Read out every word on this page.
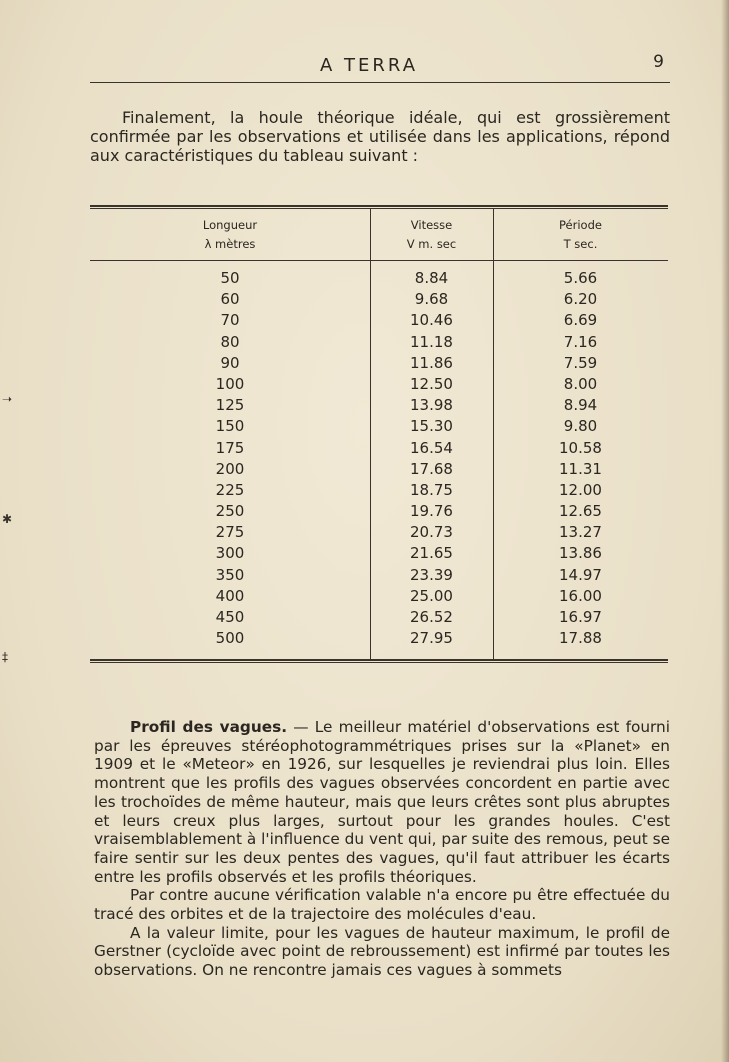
➝
✱
‡
A TERRA	9

Finalement, la houle théorique idéale, qui est grossièrement confirmée par les observations et utilisée dans les applications, répond aux caractéristiques du tableau suivant :

Longueur
λ mètres
50
60
70
80
90
100
125
150
175
200
225
250
275
300
350
400
450
500
Vitesse
V m. sec
8.84
9.68
10.46
11.18
11.86
12.50
13.98
15.30
16.54
17.68
18.75
19.76
20.73
21.65
23.39
25.00
26.52
27.95
Période
T sec.
5.66
6.20
6.69
7.16
7.59
8.00
8.94
9.80
10.58
11.31
12.00
12.65
13.27
13.86
14.97
16.00
16.97
17.88

Profil des vagues. — Le meilleur matériel d'observations est fourni par les épreuves stéréophotogrammétriques prises sur la «Planet» en 1909 et le «Meteor» en 1926, sur lesquelles je reviendrai plus loin. Elles montrent que les profils des vagues observées concordent en partie avec les trochoïdes de même hauteur, mais que leurs crêtes sont plus abruptes et leurs creux plus larges, surtout pour les grandes houles. C'est vraisemblablement à l'influence du vent qui, par suite des remous, peut se faire sentir sur les deux pentes des vagues, qu'il faut attribuer les écarts entre les profils observés et les profils théoriques.

Par contre aucune vérification valable n'a encore pu être effectuée du tracé des orbites et de la trajectoire des molécules d'eau.

A la valeur limite, pour les vagues de hauteur maximum, le profil de Gerstner (cycloïde avec point de rebroussement) est infirmé par toutes les observations. On ne rencontre jamais ces vagues à sommets
